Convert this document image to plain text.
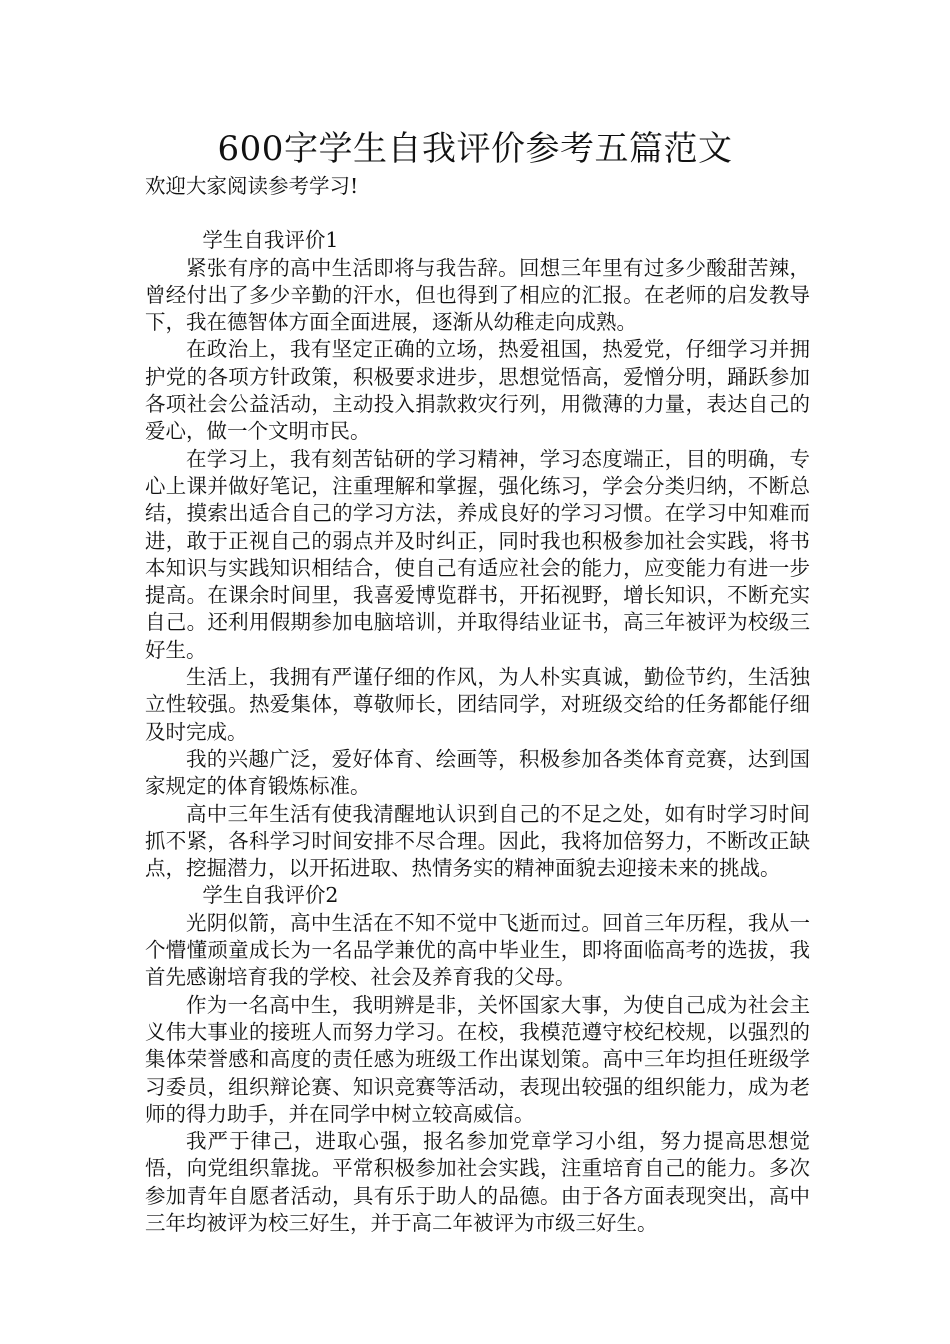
600字学生自我评价参考五篇范文

欢迎大家阅读参考学习!

学生自我评价1

紧张有序的高中生活即将与我告辞。回想三年里有过多少酸甜苦辣，曾经付出了多少辛勤的汗水，但也得到了相应的汇报。在老师的启发教导下，我在德智体方面全面进展，逐渐从幼稚走向成熟。

在政治上，我有坚定正确的立场，热爱祖国，热爱党，仔细学习并拥护党的各项方针政策，积极要求进步，思想觉悟高，爱憎分明，踊跃参加各项社会公益活动，主动投入捐款救灾行列，用微薄的力量，表达自己的爱心，做一个文明市民。

在学习上，我有刻苦钻研的学习精神，学习态度端正，目的明确，专心上课并做好笔记，注重理解和掌握，强化练习，学会分类归纳，不断总结，摸索出适合自己的学习方法，养成良好的学习习惯。在学习中知难而进，敢于正视自己的弱点并及时纠正，同时我也积极参加社会实践，将书本知识与实践知识相结合，使自己有适应社会的能力，应变能力有进一步提高。在课余时间里，我喜爱博览群书，开拓视野，增长知识，不断充实自己。还利用假期参加电脑培训，并取得结业证书，高三年被评为校级三好生。

生活上，我拥有严谨仔细的作风，为人朴实真诚，勤俭节约，生活独立性较强。热爱集体，尊敬师长，团结同学，对班级交给的任务都能仔细及时完成。

我的兴趣广泛，爱好体育、绘画等，积极参加各类体育竞赛，达到国家规定的体育锻炼标准。

高中三年生活有使我清醒地认识到自己的不足之处，如有时学习时间抓不紧，各科学习时间安排不尽合理。因此，我将加倍努力，不断改正缺点，挖掘潜力，以开拓进取、热情务实的精神面貌去迎接未来的挑战。

学生自我评价2

光阴似箭，高中生活在不知不觉中飞逝而过。回首三年历程，我从一个懵懂顽童成长为一名品学兼优的高中毕业生，即将面临高考的选拔，我首先感谢培育我的学校、社会及养育我的父母。

作为一名高中生，我明辨是非，关怀国家大事，为使自己成为社会主义伟大事业的接班人而努力学习。在校，我模范遵守校纪校规，以强烈的集体荣誉感和高度的责任感为班级工作出谋划策。高中三年均担任班级学习委员，组织辩论赛、知识竞赛等活动，表现出较强的组织能力，成为老师的得力助手，并在同学中树立较高威信。

我严于律己，进取心强，报名参加党章学习小组，努力提高思想觉悟，向党组织靠拢。平常积极参加社会实践，注重培育自己的能力。多次参加青年自愿者活动，具有乐于助人的品德。由于各方面表现突出，高中三年均被评为校三好生，并于高二年被评为市级三好生。
